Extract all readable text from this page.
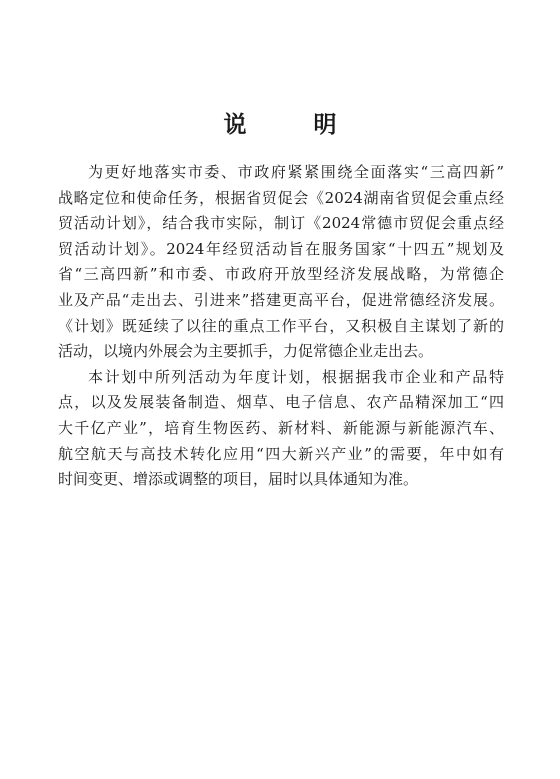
说　明
为更好地落实市委、市政府紧紧围绕全面落实“三高四新”
战略定位和使命任务，根据省贸促会《2024湖南省贸促会重点经
贸活动计划》，结合我市实际，制订《2024常德市贸促会重点经
贸活动计划》。2024年经贸活动旨在服务国家“十四五”规划及
省“三高四新”和市委、市政府开放型经济发展战略，为常德企
业及产品“走出去、引进来”搭建更高平台，促进常德经济发展。
《计划》既延续了以往的重点工作平台，又积极自主谋划了新的
活动，以境内外展会为主要抓手，力促常德企业走出去。
本计划中所列活动为年度计划，根据据我市企业和产品特
点，以及发展装备制造、烟草、电子信息、农产品精深加工“四
大千亿产业”，培育生物医药、新材料、新能源与新能源汽车、
航空航天与高技术转化应用“四大新兴产业”的需要，年中如有
时间变更、增添或调整的项目，届时以具体通知为准。
